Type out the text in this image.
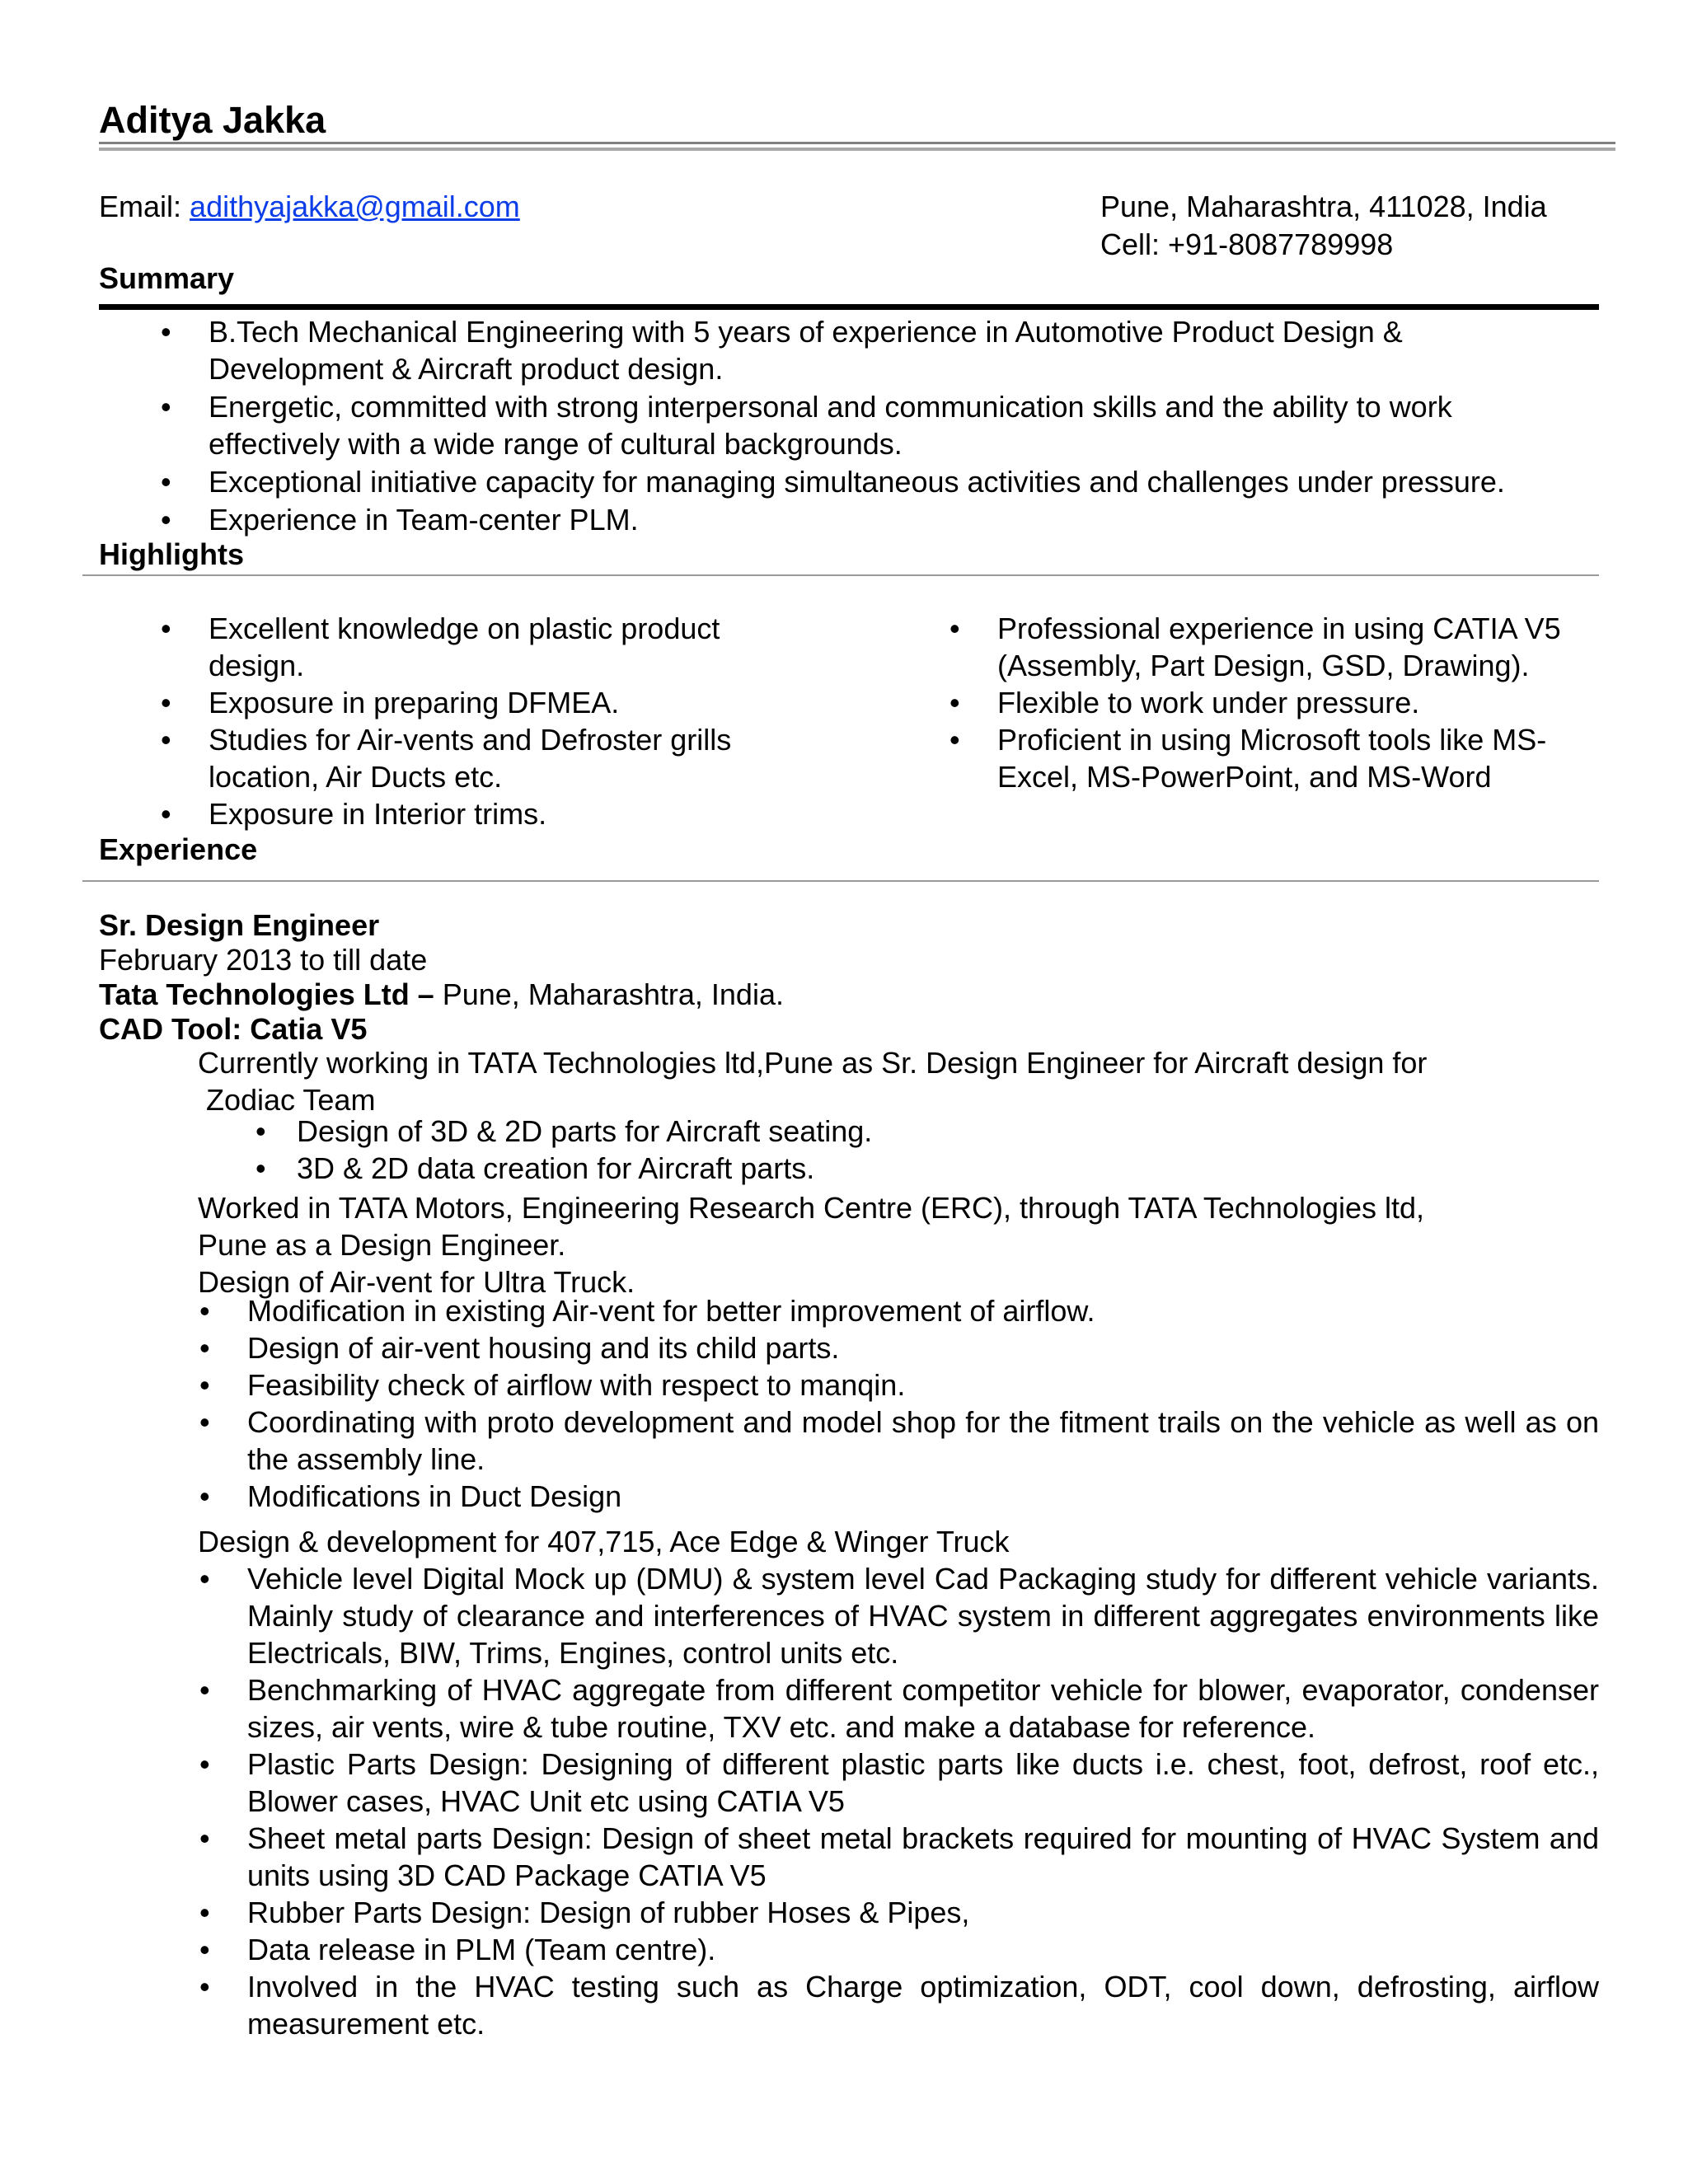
Aditya Jakka
Email: adithyajakka@gmail.com	Pune, Maharashtra, 411028, India
Cell: +91-8087789998
Summary
• B.Tech Mechanical Engineering with 5 years of experience in Automotive Product Design & Development & Aircraft product design.
• Energetic, committed with strong interpersonal and communication skills and the ability to work effectively with a wide range of cultural backgrounds.
• Exceptional initiative capacity for managing simultaneous activities and challenges under pressure.
• Experience in Team-center PLM.
Highlights
• Excellent knowledge on plastic product design.
• Exposure in preparing DFMEA.
• Studies for Air-vents and Defroster grills location, Air Ducts etc.
• Exposure in Interior trims.
• Professional experience in using CATIA V5 (Assembly, Part Design, GSD, Drawing).
• Flexible to work under pressure.
• Proficient in using Microsoft tools like MS-Excel, MS-PowerPoint, and MS-Word
Experience
Sr. Design Engineer
February 2013 to till date
Tata Technologies Ltd – Pune, Maharashtra, India.
CAD Tool: Catia V5
Currently working in TATA Technologies ltd,Pune as Sr. Design Engineer for Aircraft design for
Zodiac Team
• Design of 3D & 2D parts for Aircraft seating.
• 3D & 2D data creation for Aircraft parts.
Worked in TATA Motors, Engineering Research Centre (ERC), through TATA Technologies ltd,
Pune as a Design Engineer.
Design of Air-vent for Ultra Truck.
• Modification in existing Air-vent for better improvement of airflow.
• Design of air-vent housing and its child parts.
• Feasibility check of airflow with respect to manqin.
• Coordinating with proto development and model shop for the fitment trails on the vehicle as well as on the assembly line.
• Modifications in Duct Design
Design & development for 407,715, Ace Edge & Winger Truck
• Vehicle level Digital Mock up (DMU) & system level Cad Packaging study for different vehicle variants. Mainly study of clearance and interferences of HVAC system in different aggregates environments like Electricals, BIW, Trims, Engines, control units etc.
• Benchmarking of HVAC aggregate from different competitor vehicle for blower, evaporator, condenser sizes, air vents, wire & tube routine, TXV etc. and make a database for reference.
• Plastic Parts Design: Designing of different plastic parts like ducts i.e. chest, foot, defrost, roof etc., Blower cases, HVAC Unit etc using CATIA V5
• Sheet metal parts Design: Design of sheet metal brackets required for mounting of HVAC System and units using 3D CAD Package CATIA V5
• Rubber Parts Design: Design of rubber Hoses & Pipes,
• Data release in PLM (Team centre).
• Involved in the HVAC testing such as Charge optimization, ODT, cool down, defrosting, airflow measurement etc.
